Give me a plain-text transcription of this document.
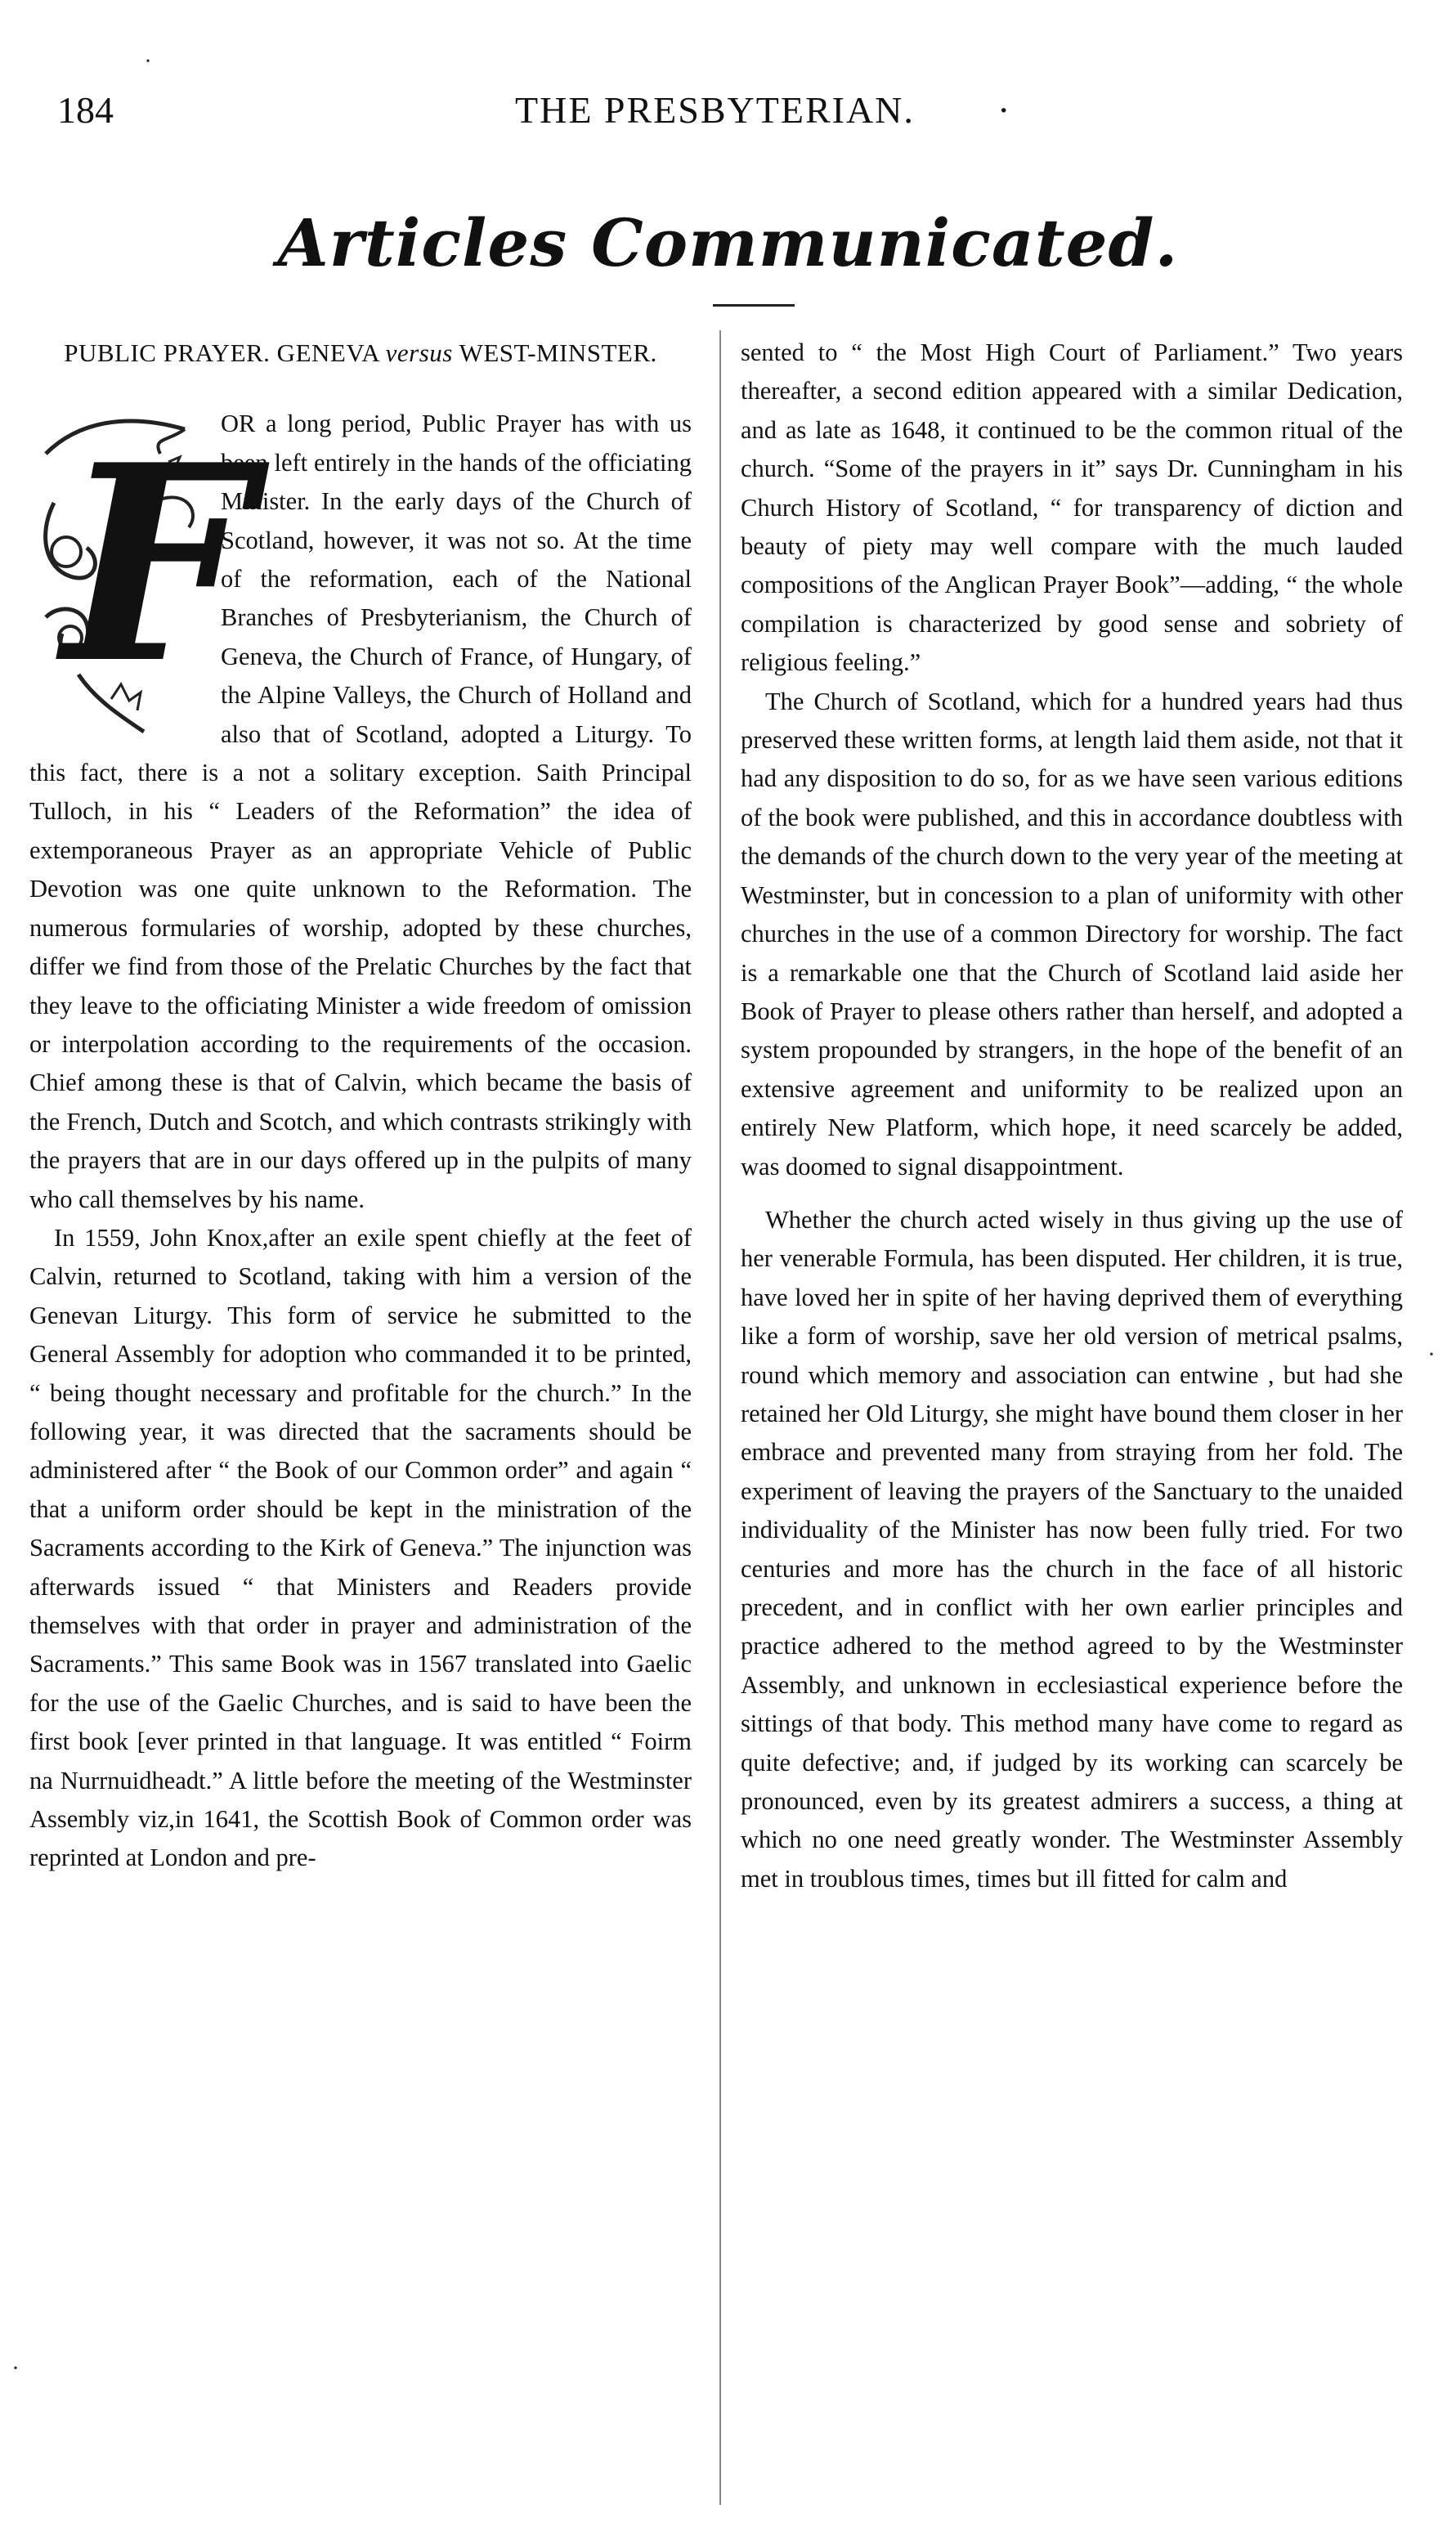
·
184	THE PRESBYTERIAN. ·
Articles Communicated.
PUBLIC PRAYER. GENEVA versus WEST-MINSTER.
F

OR a long period, Public Prayer has with us been left entirely in the hands of the officiating Minister. In the early days of the Church of Scotland, however, it was not so. At the time of the reformation, each of the National Branches of Presbyterianism, the Church of Geneva, the Church of France, of Hungary, of the Alpine Valleys, the Church of Holland and also that of Scotland, adopted a Liturgy. To this fact, there is a not a solitary exception. Saith Principal Tulloch, in his “ Leaders of the Reformation” the idea of extemporaneous Prayer as an appropriate Vehicle of Public Devotion was one quite unknown to the Reformation. The numerous formularies of worship, adopted by these churches, differ we find from those of the Prelatic Churches by the fact that they leave to the officiating Minister a wide freedom of omission or interpolation according to the requirements of the occasion. Chief among these is that of Calvin, which became the basis of the French, Dutch and Scotch, and which contrasts strikingly with the prayers that are in our days offered up in the pulpits of many who call themselves by his name.

In 1559, John Knox,after an exile spent chiefly at the feet of Calvin, returned to Scotland, taking with him a version of the Genevan Liturgy. This form of service he submitted to the General Assembly for adoption who commanded it to be printed, “ being thought necessary and profitable for the church.” In the following year, it was directed that the sacraments should be administered after “ the Book of our Common order” and again “ that a uniform order should be kept in the ministration of the Sacraments according to the Kirk of Geneva.” The injunction was afterwards issued “ that Ministers and Readers provide themselves with that order in prayer and administration of the Sacraments.” This same Book was in 1567 translated into Gaelic for the use of the Gaelic Churches, and is said to have been the first book [ever printed in that language. It was entitled “ Foirm na Nurrnuidheadt.” A little before the meeting of the Westminster Assembly viz,in 1641, the Scottish Book of Common order was reprinted at London and pre-

sented to “ the Most High Court of Parliament.” Two years thereafter, a second edition appeared with a similar Dedication, and as late as 1648, it continued to be the common ritual of the church. “Some of the prayers in it” says Dr. Cunningham in his Church History of Scotland, “ for transparency of diction and beauty of piety may well compare with the much lauded compositions of the Anglican Prayer Book”—adding, “ the whole compilation is characterized by good sense and sobriety of religious feeling.”

The Church of Scotland, which for a hundred years had thus preserved these written forms, at length laid them aside, not that it had any disposition to do so, for as we have seen various editions of the book were published, and this in accordance doubtless with the demands of the church down to the very year of the meeting at Westminster, but in concession to a plan of uniformity with other churches in the use of a common Directory for worship. The fact is a remarkable one that the Church of Scotland laid aside her Book of Prayer to please others rather than herself, and adopted a system propounded by strangers, in the hope of the benefit of an extensive agreement and uniformity to be realized upon an entirely New Platform, which hope, it need scarcely be added, was doomed to signal disappointment.

Whether the church acted wisely in thus giving up the use of her venerable Formula, has been disputed. Her children, it is true, have loved her in spite of her having deprived them of everything like a form of worship, save her old version of metrical psalms, round which memory and association can entwine , but had she retained her Old Liturgy, she might have bound them closer in her embrace and prevented many from straying from her fold. The experiment of leaving the prayers of the Sanctuary to the unaided individuality of the Minister has now been fully tried. For two centuries and more has the church in the face of all historic precedent, and in conflict with her own earlier principles and practice adhered to the method agreed to by the Westminster Assembly, and unknown in ecclesiastical experience before the sittings of that body. This method many have come to regard as quite defective; and, if judged by its working can scarcely be pronounced, even by its greatest admirers a success, a thing at which no one need greatly wonder. The Westminster Assembly met in troublous times, times but ill fitted for calm and

·
·
